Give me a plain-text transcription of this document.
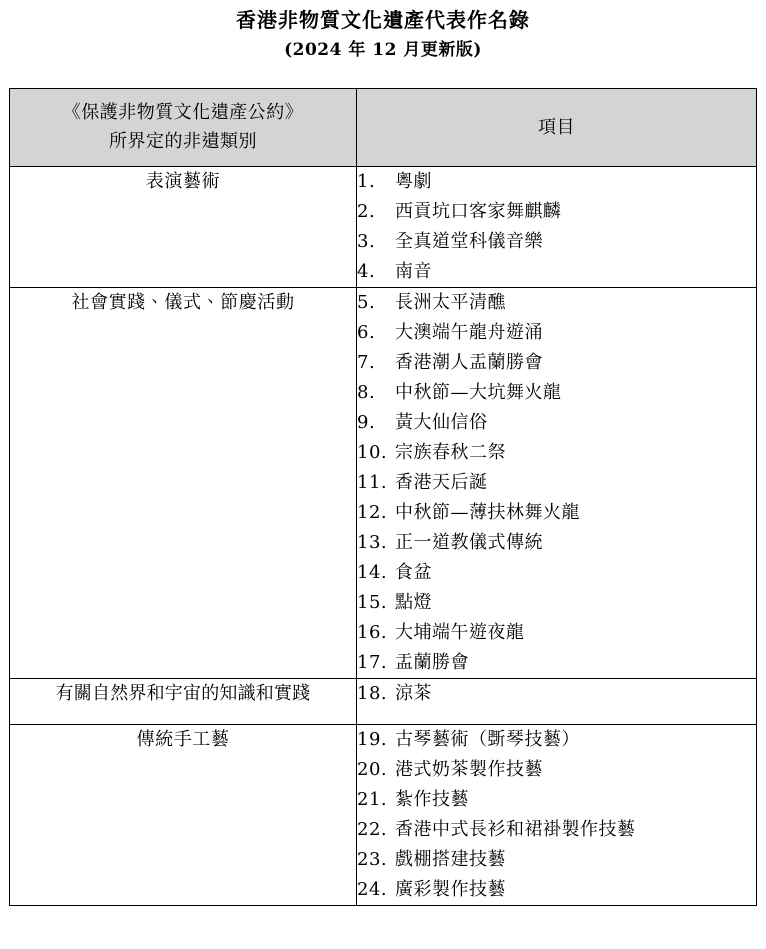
香港非物質文化遺產代表作名錄
(2024 年 12 月更新版)
《保護非物質文化遺產公約》
所界定的非遺類別	項目
表演藝術	1.	粵劇
2.	西貢坑口客家舞麒麟
3.	全真道堂科儀音樂
4.	南音

社會實踐、儀式、節慶活動	5.	長洲太平清醮
6.	大澳端午龍舟遊涌
7.	香港潮人盂蘭勝會
8.	中秋節—大坑舞火龍
9.	黃大仙信俗
10. 宗族春秋二祭
11. 香港天后誕
12. 中秋節—薄扶林舞火龍
13. 正一道教儀式傳統
14. 食盆
15. 點燈
16. 大埔端午遊夜龍
17. 盂蘭勝會

有關自然界和宇宙的知識和實踐	18. 涼茶

傳統手工藝	19. 古琴藝術（斲琴技藝）
20. 港式奶茶製作技藝
21. 紮作技藝
22. 香港中式長衫和裙褂製作技藝
23. 戲棚搭建技藝
24. 廣彩製作技藝
